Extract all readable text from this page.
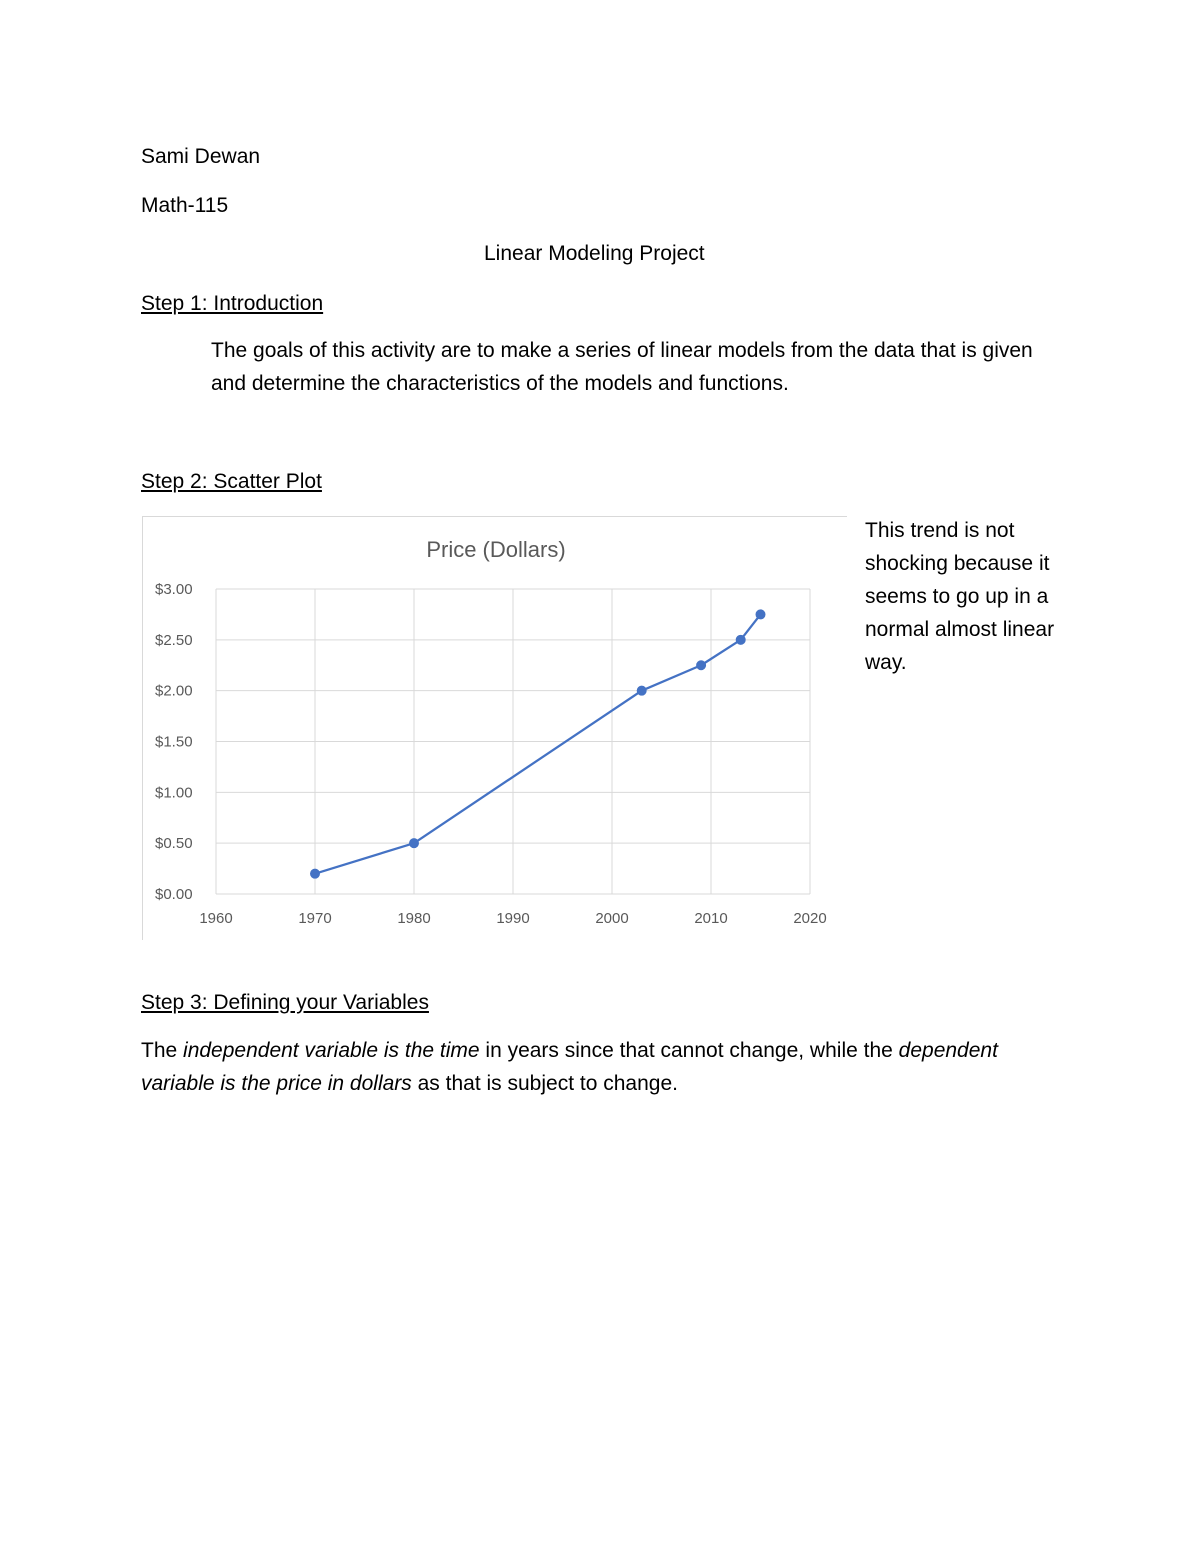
Sami Dewan
Math-115
Linear Modeling Project
Step 1: Introduction
The goals of this activity are to make a series of linear models from the data that is given and determine the characteristics of the models and functions.
Step 2: Scatter Plot
$0.00
$0.50
$1.00
$1.50
$2.00
$2.50
$3.00
1960	1970	1980	1990	2000	2010	2020
Price (Dollars)
This trend is not shocking because it seems to go up in a normal almost linear way.
Step 3: Defining your Variables
The independent variable is the time in years since that cannot change, while the dependent variable is the price in dollars as that is subject to change.
